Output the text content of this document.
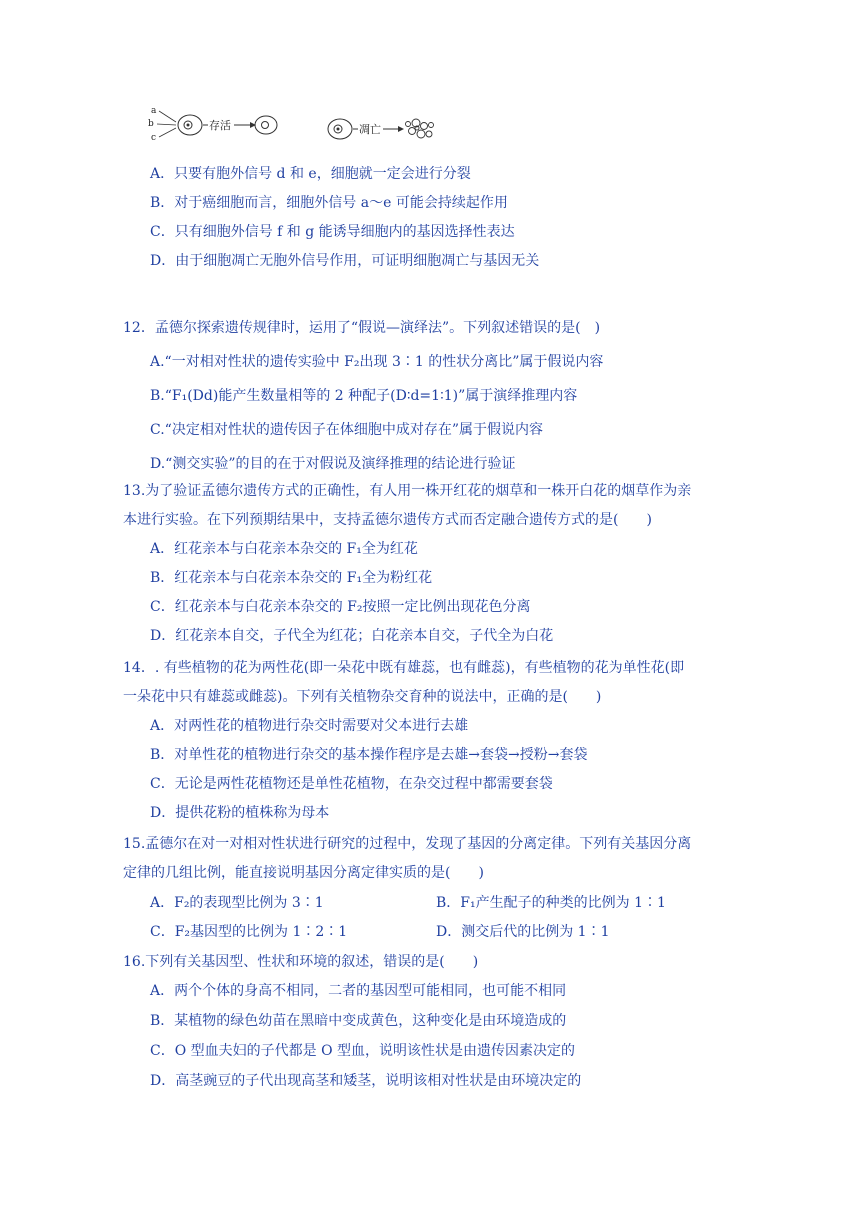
a
b
c
存活	凋亡
A．只要有胞外信号 d 和 e，细胞就一定会进行分裂
B．对于癌细胞而言，细胞外信号 a～e 可能会持续起作用
C．只有细胞外信号 f 和 g 能诱导细胞内的基因选择性表达
D．由于细胞凋亡无胞外信号作用，可证明细胞凋亡与基因无关
12．孟德尔探索遗传规律时，运用了“假说—演绎法”。下列叙述错误的是(　)
A.“一对相对性状的遗传实验中 F₂出现 3∶1 的性状分离比”属于假说内容
B.“F₁(Dd)能产生数量相等的 2 种配子(D∶d=1∶1)”属于演绎推理内容
C.“决定相对性状的遗传因子在体细胞中成对存在”属于假说内容
D.“测交实验”的目的在于对假说及演绎推理的结论进行验证
13.为了验证孟德尔遗传方式的正确性，有人用一株开红花的烟草和一株开白花的烟草作为亲
本进行实验。在下列预期结果中，支持孟德尔遗传方式而否定融合遗传方式的是(　　)
A．红花亲本与白花亲本杂交的 F₁全为红花
B．红花亲本与白花亲本杂交的 F₁全为粉红花
C．红花亲本与白花亲本杂交的 F₂按照一定比例出现花色分离
D．红花亲本自交，子代全为红花；白花亲本自交，子代全为白花
14．. 有些植物的花为两性花(即一朵花中既有雄蕊，也有雌蕊)，有些植物的花为单性花(即
一朵花中只有雄蕊或雌蕊)。下列有关植物杂交育种的说法中，正确的是(　　)
A．对两性花的植物进行杂交时需要对父本进行去雄
B．对单性花的植物进行杂交的基本操作程序是去雄→套袋→授粉→套袋
C．无论是两性花植物还是单性花植物，在杂交过程中都需要套袋
D．提供花粉的植株称为母本
15.孟德尔在对一对相对性状进行研究的过程中，发现了基因的分离定律。下列有关基因分离
定律的几组比例，能直接说明基因分离定律实质的是(　　)
A．F₂的表现型比例为 3∶1	B．F₁产生配子的种类的比例为 1∶1
C．F₂基因型的比例为 1∶2∶1	D．测交后代的比例为 1∶1
16.下列有关基因型、性状和环境的叙述，错误的是(　　)
A．两个个体的身高不相同，二者的基因型可能相同，也可能不相同
B．某植物的绿色幼苗在黑暗中变成黄色，这种变化是由环境造成的
C．O 型血夫妇的子代都是 O 型血，说明该性状是由遗传因素决定的
D．高茎豌豆的子代出现高茎和矮茎，说明该相对性状是由环境决定的
